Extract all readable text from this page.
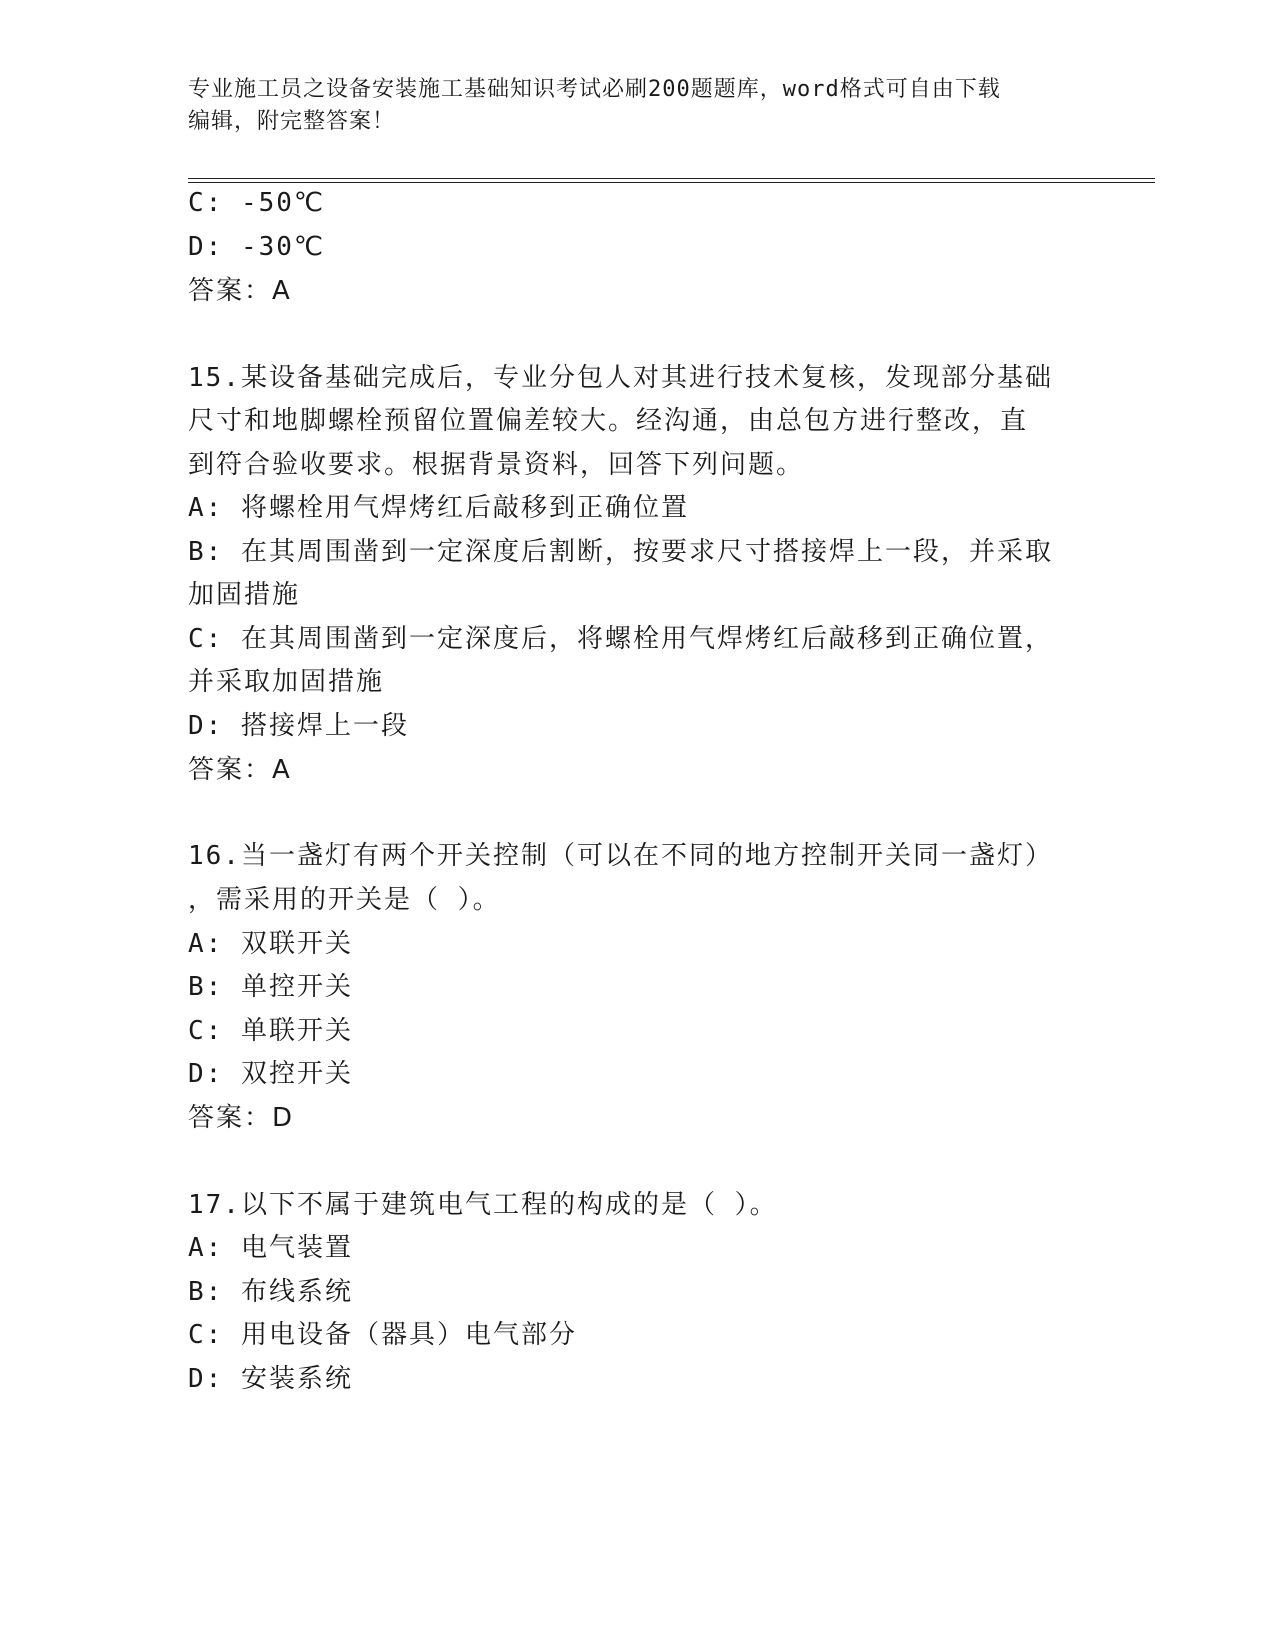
专业施工员之设备安装施工基础知识考试必刷200题题库，word格式可自由下载
编辑，附完整答案！
C: -50℃
D: -30℃
答案：A
15.某设备基础完成后，专业分包人对其进行技术复核，发现部分基础
尺寸和地脚螺栓预留位置偏差较大。经沟通，由总包方进行整改，直
到符合验收要求。根据背景资料，回答下列问题。
A: 将螺栓用气焊烤红后敲移到正确位置
B: 在其周围凿到一定深度后割断，按要求尺寸搭接焊上一段，并采取
加固措施
C: 在其周围凿到一定深度后，将螺栓用气焊烤红后敲移到正确位置，
并采取加固措施
D: 搭接焊上一段
答案：A
16.当一盏灯有两个开关控制（可以在不同的地方控制开关同一盏灯）
，需采用的开关是（ ）。
A: 双联开关
B: 单控开关
C: 单联开关
D: 双控开关
答案：D
17.以下不属于建筑电气工程的构成的是（ ）。
A: 电气装置
B: 布线系统
C: 用电设备（器具）电气部分
D: 安装系统
